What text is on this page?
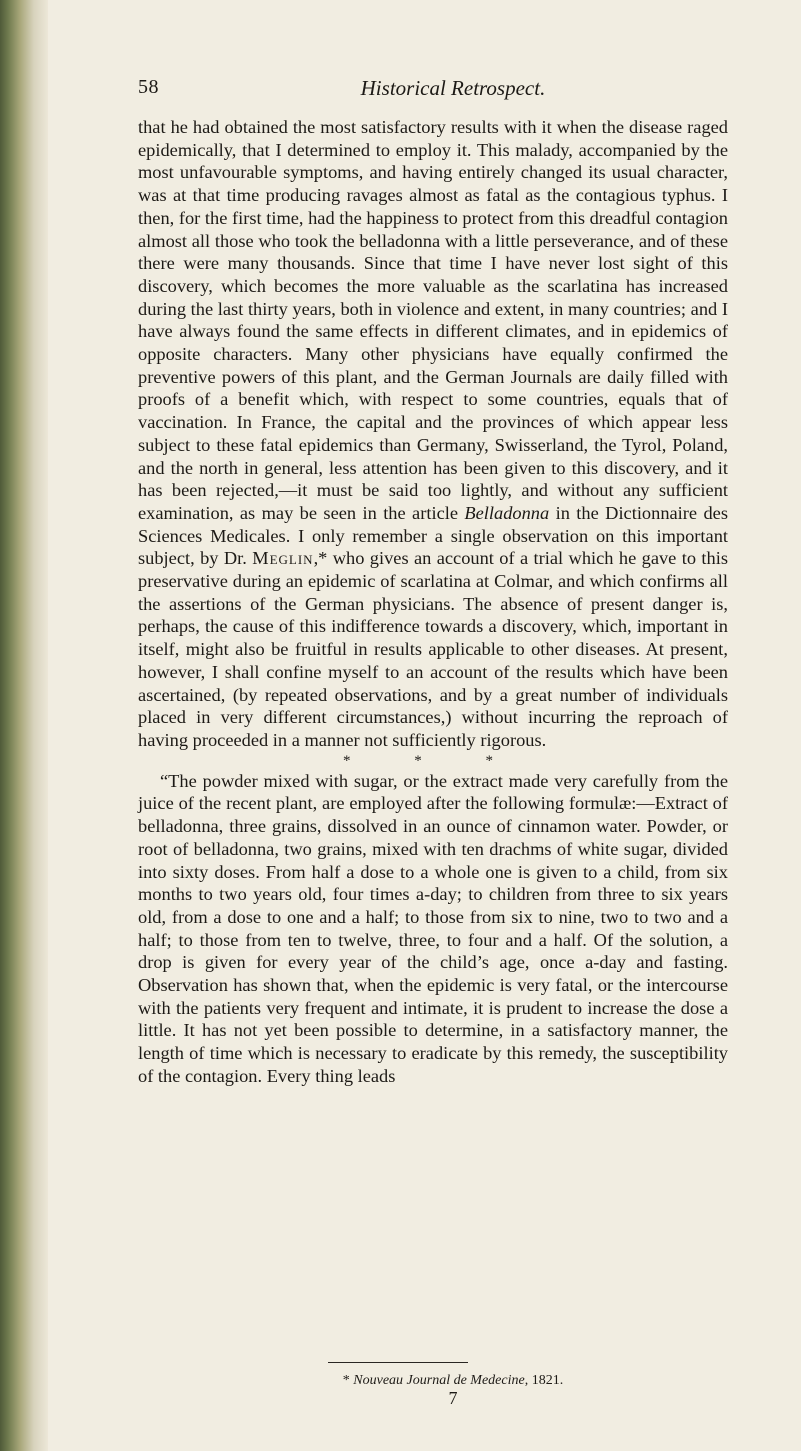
58	Historical Retrospect.

that he had obtained the most satisfactory results with it when the disease raged epidemically, that I determined to employ it. This malady, accompanied by the most unfavourable symptoms, and having entirely changed its usual character, was at that time producing ravages almost as fatal as the contagious typhus. I then, for the first time, had the happiness to protect from this dreadful contagion almost all those who took the belladonna with a little perseverance, and of these there were many thousands. Since that time I have never lost sight of this discovery, which becomes the more valuable as the scarlatina has increased during the last thirty years, both in violence and extent, in many countries; and I have always found the same effects in different climates, and in epidemics of opposite characters. Many other physicians have equally confirmed the preventive powers of this plant, and the German Journals are daily filled with proofs of a benefit which, with respect to some countries, equals that of vaccination. In France, the capital and the provinces of which appear less subject to these fatal epidemics than Germany, Swisserland, the Tyrol, Poland, and the north in general, less attention has been given to this discovery, and it has been rejected,—it must be said too lightly, and without any sufficient examination, as may be seen in the article Belladonna in the Dictionnaire des Sciences Medicales. I only remember a single observation on this important subject, by Dr. Meglin,* who gives an account of a trial which he gave to this preservative during an epidemic of scarlatina at Colmar, and which confirms all the assertions of the German physicians. The absence of present danger is, perhaps, the cause of this indifference towards a discovery, which, important in itself, might also be fruitful in results applicable to other diseases. At present, however, I shall confine myself to an account of the results which have been ascertained, (by repeated observations, and by a great number of individuals placed in very different circumstances,) without incurring the reproach of having proceeded in a manner not sufficiently rigorous.

* * *

“The powder mixed with sugar, or the extract made very carefully from the juice of the recent plant, are employed after the following formulæ:—Extract of belladonna, three grains, dissolved in an ounce of cinnamon water. Powder, or root of belladonna, two grains, mixed with ten drachms of white sugar, divided into sixty doses. From half a dose to a whole one is given to a child, from six months to two years old, four times a-day; to children from three to six years old, from a dose to one and a half; to those from six to nine, two to two and a half; to those from ten to twelve, three, to four and a half. Of the solution, a drop is given for every year of the child’s age, once a-day and fasting. Observation has shown that, when the epidemic is very fatal, or the intercourse with the patients very frequent and intimate, it is prudent to increase the dose a little. It has not yet been possible to determine, in a satisfactory manner, the length of time which is necessary to eradicate by this remedy, the susceptibility of the contagion. Every thing leads

* Nouveau Journal de Medecine, 1821.
7
